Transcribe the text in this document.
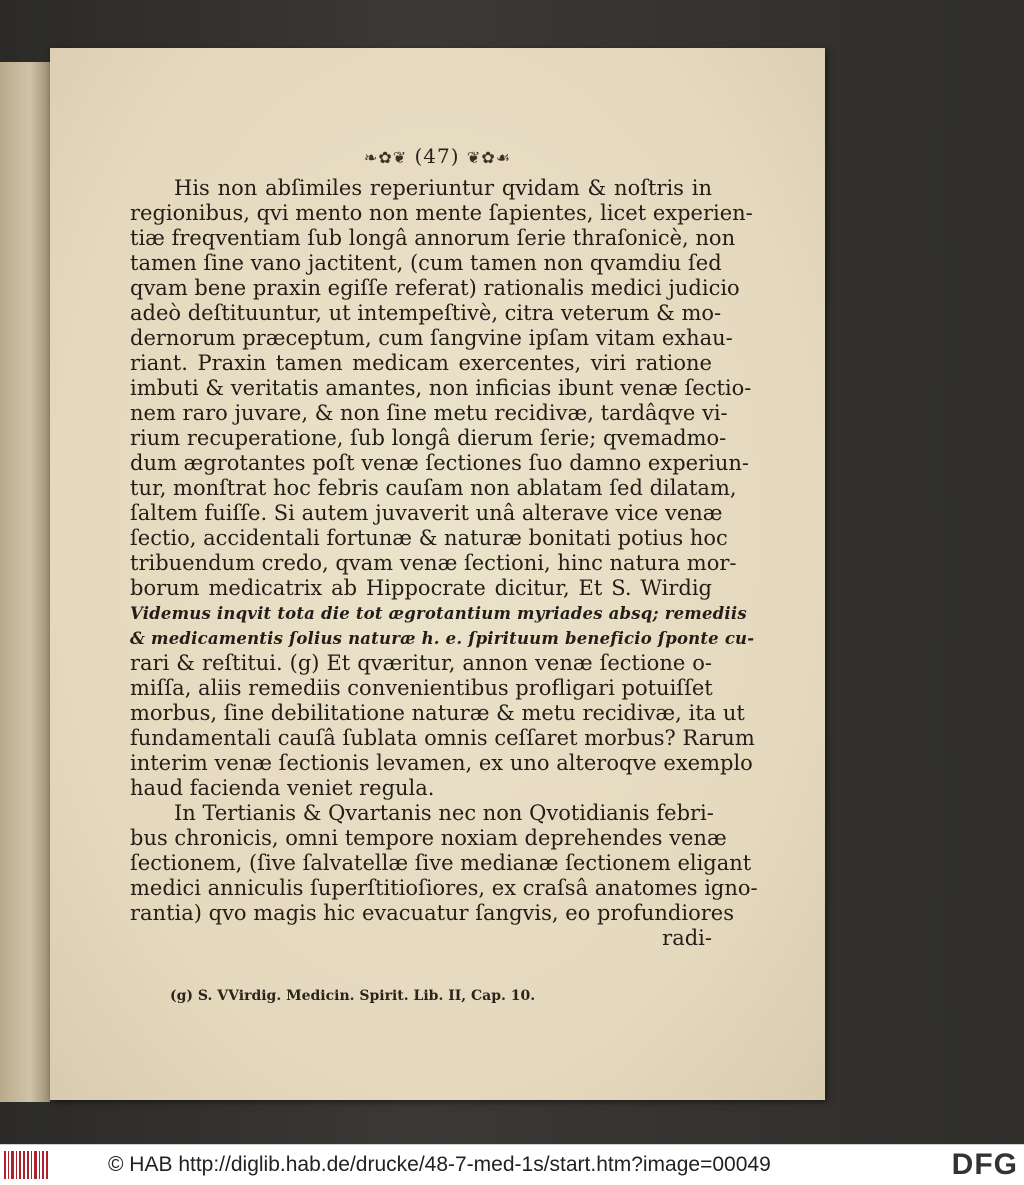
❧✿❦ (47) ❦✿☙
His non abſimiles reperiuntur qvidam & noſtris in
regionibus, qvi mento non mente ſapientes, licet experien-
tiæ freqventiam ſub longâ annorum ſerie thraſonicè, non
tamen ſine vano jactitent, (cum tamen non qvamdiu ſed
qvam bene praxin egiſſe referat) rationalis medici judicio
adeò deſtituuntur, ut intempeſtivè, citra veterum & mo-
dernorum præceptum, cum ſangvine ipſam vitam exhau-
riant. Praxin tamen medicam exercentes, viri ratione
imbuti & veritatis amantes, non inficias ibunt venæ ſectio-
nem raro juvare, & non ſine metu recidivæ, tardâqve vi-
rium recuperatione, ſub longâ dierum ſerie; qvemadmo-
dum ægrotantes poſt venæ ſectiones ſuo damno experiun-
tur, monſtrat hoc febris cauſam non ablatam ſed dilatam,
ſaltem fuiſſe. Si autem juvaverit unâ alterave vice venæ
ſectio, accidentali fortunæ & naturæ bonitati potius hoc
tribuendum credo, qvam venæ ſectioni, hinc natura mor-
borum medicatrix ab Hippocrate dicitur, Et S. Wirdig
Videmus inqvit tota die tot ægrotantium myriades absq; remediis
& medicamentis ſolius naturæ h. e. ſpirituum beneficio ſponte cu-
rari & reſtitui. (g) Et qværitur, annon venæ ſectione o-
miſſa, aliis remediis convenientibus profligari potuiſſet
morbus, ſine debilitatione naturæ & metu recidivæ, ita ut
fundamentali cauſâ ſublata omnis ceſſaret morbus? Rarum
interim venæ ſectionis levamen, ex uno alteroqve exemplo
haud facienda veniet regula.
In Tertianis & Qvartanis nec non Qvotidianis febri-
bus chronicis, omni tempore noxiam deprehendes venæ
ſectionem, (ſive ſalvatellæ ſive medianæ ſectionem eligant
medici anniculis ſuperſtitioſiores, ex craſsâ anatomes igno-
rantia) qvo magis hic evacuatur ſangvis, eo profundiores
radi-
(g) S. VVirdig. Medicin. Spirit. Lib. II, Cap. 10.
© HAB http://diglib.hab.de/drucke/48-7-med-1s/start.htm?image=00049	DFG
